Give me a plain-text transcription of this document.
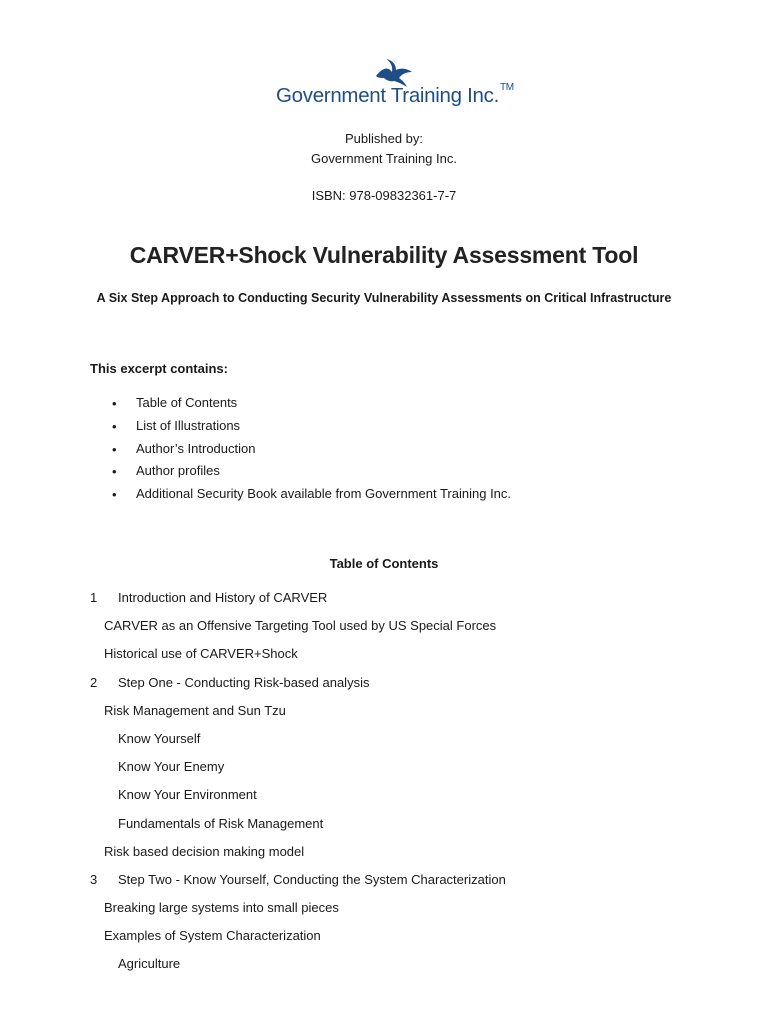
Government Training Inc.™
Published by:
Government Training Inc.
ISBN: 978-09832361-7-7
CARVER+Shock Vulnerability Assessment Tool
A Six Step Approach to Conducting Security Vulnerability Assessments on Critical Infrastructure
This excerpt contains:
• Table of Contents
• List of Illustrations
• Author’s Introduction
• Author profiles
• Additional Security Book available from Government Training Inc.
Table of Contents
1 Introduction and History of CARVER
CARVER as an Offensive Targeting Tool used by US Special Forces
Historical use of CARVER+Shock
2 Step One - Conducting Risk-based analysis
Risk Management and Sun Tzu
Know Yourself
Know Your Enemy
Know Your Environment
Fundamentals of Risk Management
Risk based decision making model
3 Step Two - Know Yourself, Conducting the System Characterization
Breaking large systems into small pieces
Examples of System Characterization
Agriculture
